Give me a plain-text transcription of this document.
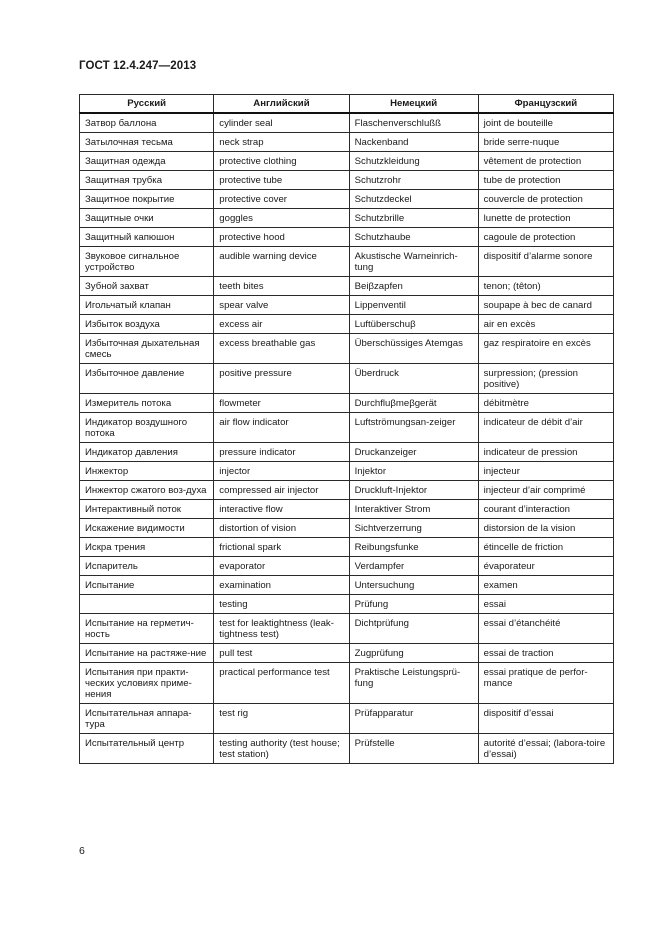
ГОСТ 12.4.247—2013
Русский	Английский	Немецкий	Французский
Затвор баллона	cylinder seal	Flaschenverschlußß	joint de bouteille
Затылочная тесьма	neck strap	Nackenband	bride serre-nuque
Защитная одежда	protective clothing	Schutzkleidung	vêtement de protection
Защитная трубка	protective tube	Schutzrohr	tube de protection
Защитное покрытие	protective cover	Schutzdeckel	couvercle de protection
Защитные очки	goggles	Schutzbrille	lunette de protection
Защитный капюшон	protective hood	Schutzhaube	cagoule de protection
Звуковое сигнальное устройство	audible warning device	Akustische Warneinrich-tung	dispositif d’alarme sonore
Зубной захват	teeth bites	Beiβzapfen	tenon; (têton)
Игольчатый клапан	spear valve	Lippenventil	soupape à bec de canard
Избыток воздуха	excess air	Luftüberschuβ	air en excès
Избыточная дыхательная смесь	excess breathable gas	Überschüssiges Atemgas	gaz respiratoire en excès
Избыточное давление	positive pressure	Überdruck	surpression; (pression positive)
Измеритель потока	flowmeter	Durchfluβmeβgerät	débitmètre
Индикатор воздушного потока	air flow indicator	Luftströmungsan-zeiger	indicateur de débit d’air
Индикатор давления	pressure indicator	Druckanzeiger	indicateur de pression
Инжектор	injector	Injektor	injecteur
Инжектор сжатого воз-духа	compressed air injector	Druckluft-Injektor	injecteur d’air comprimé
Интерактивный поток	interactive flow	Interaktiver Strom	courant d’interaction
Искажение видимости	distortion of vision	Sichtverzerrung	distorsion de la vision
Искра трения	frictional spark	Reibungsfunke	étincelle de friction
Испаритель	evaporator	Verdampfer	évaporateur
Испытание	examination	Untersuchung	examen
	testing	Prüfung	essai
Испытание на герметич-ность	test for leaktightness (leak-tightness test)	Dichtprüfung	essai d’étanchéité
Испытание на растяже-ние	pull test	Zugprüfung	essai de traction
Испытания при практи-ческих условиях приме-нения	practical performance test	Praktische Leistungsprü-fung	essai pratique de perfor-mance
Испытательная аппара-тура	test rig	Prüfapparatur	dispositif d’essai
Испытательный центр	testing authority (test house; test station)	Prüfstelle	autorité d’essai; (labora-toire d’essai)
6
